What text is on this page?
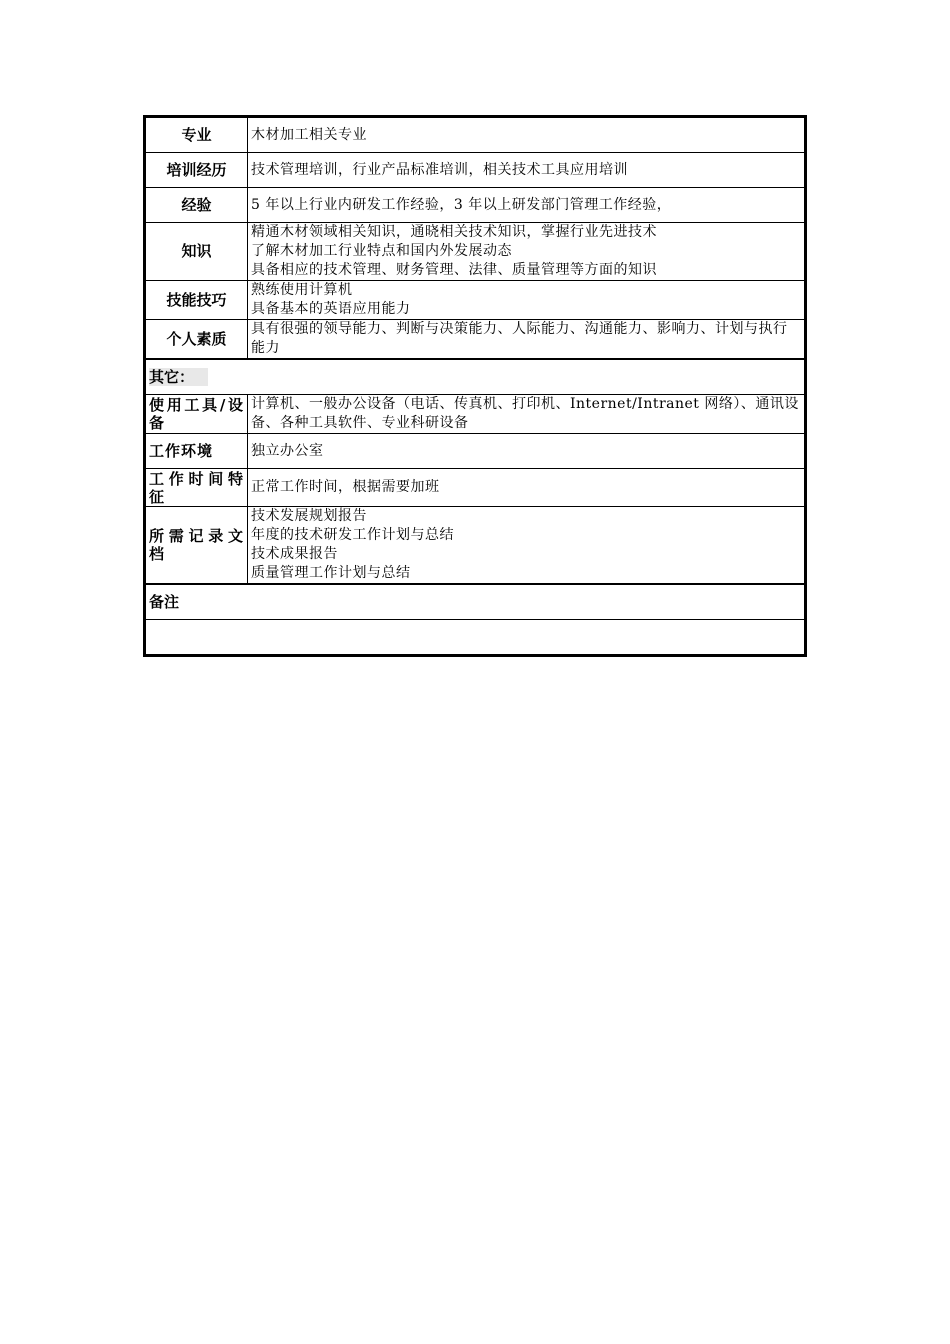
专业	木材加工相关专业

培训经历	技术管理培训，行业产品标准培训，相关技术工具应用培训

经验	5 年以上行业内研发工作经验，3 年以上研发部门管理工作经验，

知识	精通木材领域相关知识，通晓相关技术知识，掌握行业先进技术
了解木材加工行业特点和国内外发展动态
具备相应的技术管理、财务管理、法律、质量管理等方面的知识

技能技巧	熟练使用计算机
具备基本的英语应用能力

个人素质	具有很强的领导能力、判断与决策能力、人际能力、沟通能力、影响力、计划与执行能力
其它：	
使用工具/设备	计算机、一般办公设备（电话、传真机、打印机、Internet/Intranet 网络）、通讯设备、各种工具软件、专业科研设备
工作环境	独立办公室

工作时间特征	正常工作时间，根据需要加班

所需记录文档	技术发展规划报告
年度的技术研发工作计划与总结
技术成果报告
质量管理工作计划与总结

备注	
